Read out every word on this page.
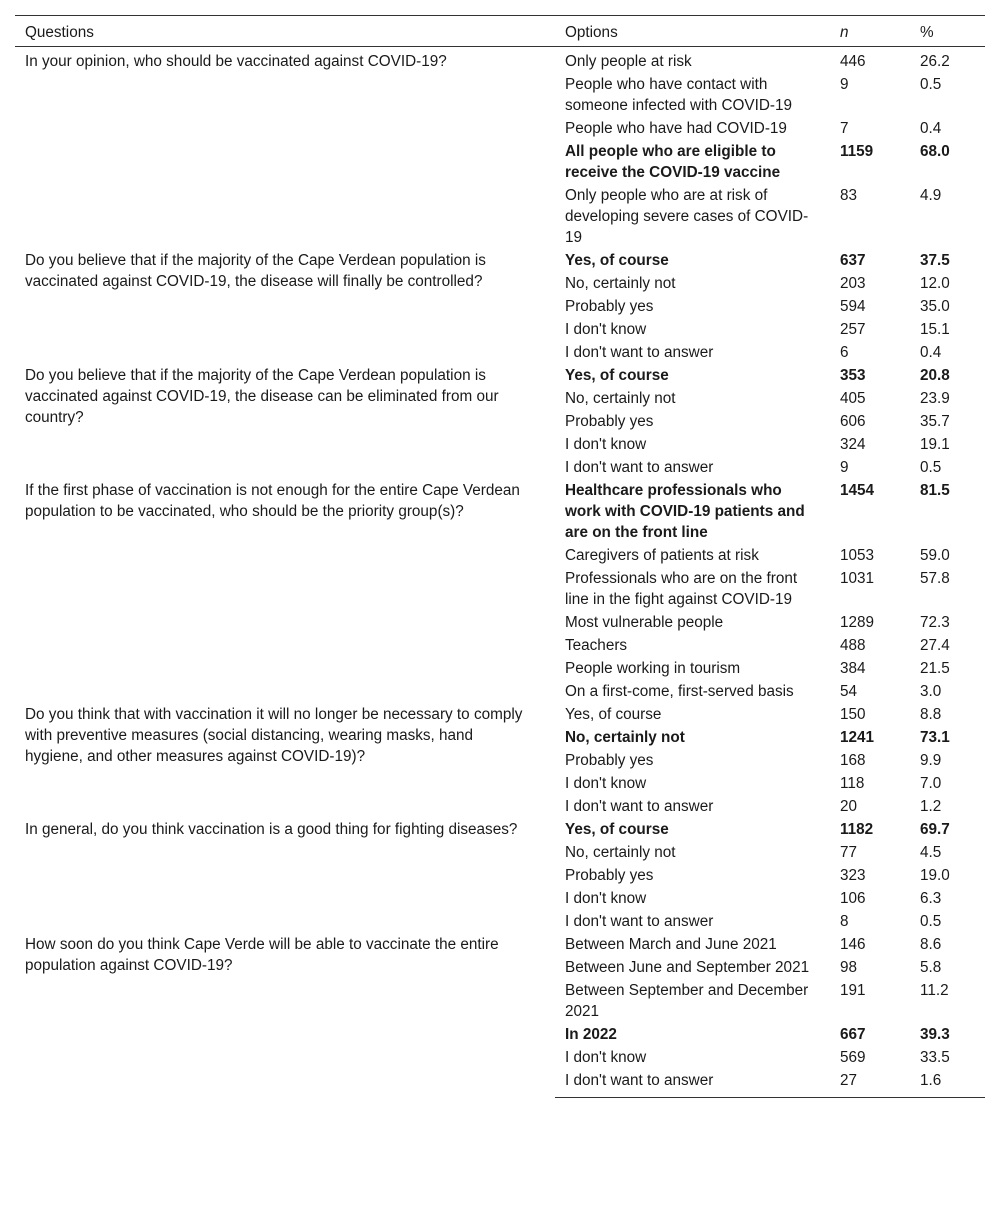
Questions	Options	n	%
In your opinion, who should be vaccinated against COVID-19?	Only people at risk	446	26.2
	People who have contact with someone infected with COVID-19	9	0.5
	People who have had COVID-19	7	0.4
	All people who are eligible to receive the COVID-19 vaccine	1159	68.0
	Only people who are at risk of developing severe cases of COVID-19	83	4.9
Do you believe that if the majority of the Cape Verdean population is vaccinated against COVID-19, the disease will finally be controlled?	Yes, of course	637	37.5
	No, certainly not	203	12.0
	Probably yes	594	35.0
	I don't know	257	15.1
	I don't want to answer	6	0.4
Do you believe that if the majority of the Cape Verdean population is vaccinated against COVID-19, the disease can be eliminated from our country?	Yes, of course	353	20.8
	No, certainly not	405	23.9
	Probably yes	606	35.7
	I don't know	324	19.1
	I don't want to answer	9	0.5
If the first phase of vaccination is not enough for the entire Cape Verdean population to be vaccinated, who should be the priority group(s)?	Healthcare professionals who work with COVID-19 patients and are on the front line	1454	81.5
	Caregivers of patients at risk	1053	59.0
	Professionals who are on the front line in the fight against COVID-19	1031	57.8
	Most vulnerable people	1289	72.3
	Teachers	488	27.4
	People working in tourism	384	21.5
	On a first-come, first-served basis	54	3.0
Do you think that with vaccination it will no longer be necessary to comply with preventive measures (social distancing, wearing masks, hand hygiene, and other measures against COVID-19)?	Yes, of course	150	8.8
	No, certainly not	1241	73.1
	Probably yes	168	9.9
	I don't know	118	7.0
	I don't want to answer	20	1.2
In general, do you think vaccination is a good thing for fighting diseases?	Yes, of course	1182	69.7
	No, certainly not	77	4.5
	Probably yes	323	19.0
	I don't know	106	6.3
	I don't want to answer	8	0.5
How soon do you think Cape Verde will be able to vaccinate the entire population against COVID-19?	Between March and June 2021	146	8.6
	Between June and September 2021	98	5.8
	Between September and December 2021	191	11.2
	In 2022	667	39.3
	I don't know	569	33.5
	I don't want to answer	27	1.6
